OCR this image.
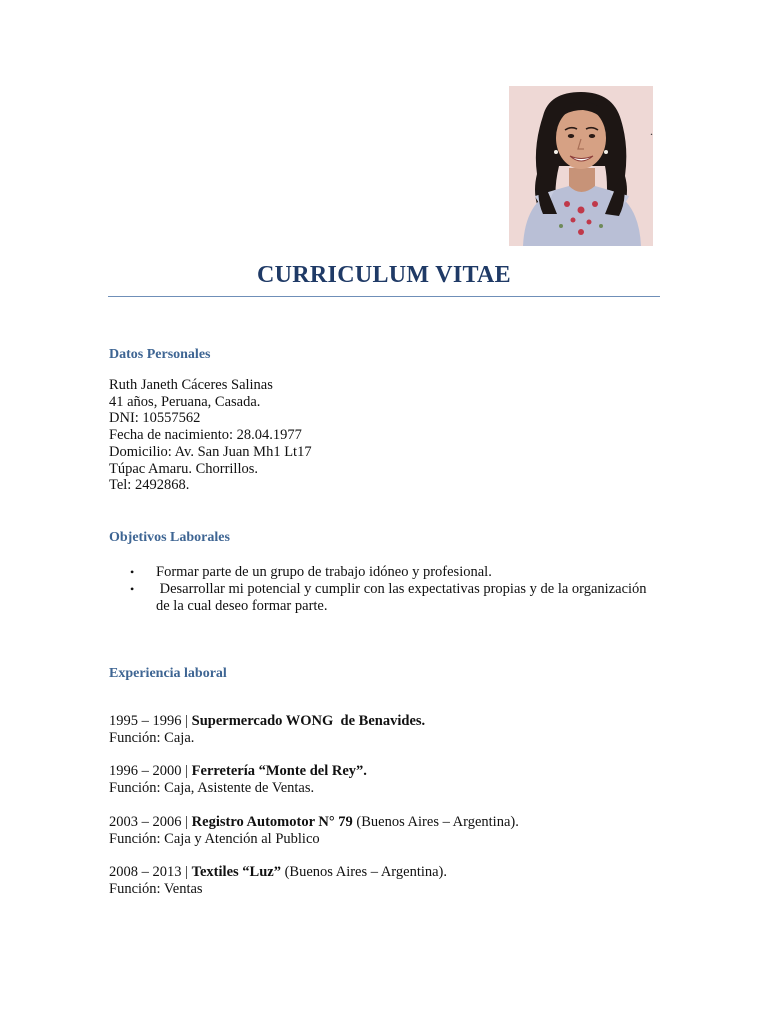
.
CURRICULUM VITAE
Datos Personales
Ruth Janeth Cáceres Salinas
41 años, Peruana, Casada.
DNI: 10557562
Fecha de nacimiento: 28.04.1977
Domicilio: Av. San Juan Mh1 Lt17
Túpac Amaru. Chorrillos.
Tel: 2492868.
Objetivos Laborales
• Formar parte de un grupo de trabajo idóneo y profesional.
• Desarrollar mi potencial y cumplir con las expectativas propias y de la organización de la cual deseo formar parte.
Experiencia laboral
1995 – 1996 | Supermercado WONG  de Benavides.
Función: Caja.
1996 – 2000 | Ferretería “Monte del Rey”.
Función: Caja, Asistente de Ventas.
2003 – 2006 | Registro Automotor N° 79 (Buenos Aires – Argentina).
Función: Caja y Atención al Publico
2008 – 2013 | Textiles “Luz” (Buenos Aires – Argentina).
Función: Ventas
